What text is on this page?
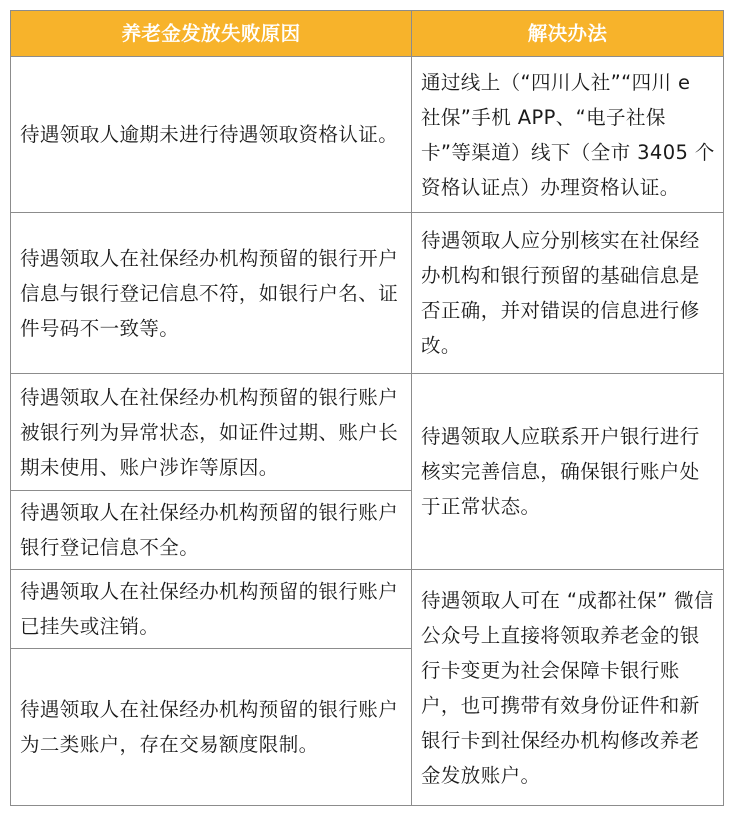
养老金发放失败原因	解决办法
待遇领取人逾期未进行待遇领取资格认证。	通过线上（“四川人社”“四川 e 社保”手机 APP、“电子社保卡”等渠道）线下（全市 3405 个资格认证点）办理资格认证。
待遇领取人在社保经办机构预留的银行开户信息与银行登记信息不符，如银行户名、证件号码不一致等。	待遇领取人应分别核实在社保经办机构和银行预留的基础信息是否正确，并对错误的信息进行修改。
待遇领取人在社保经办机构预留的银行账户被银行列为异常状态，如证件过期、账户长期未使用、账户涉诈等原因。	待遇领取人应联系开户银行进行核实完善信息，确保银行账户处于正常状态。
待遇领取人在社保经办机构预留的银行账户银行登记信息不全。	
待遇领取人在社保经办机构预留的银行账户已挂失或注销。	待遇领取人可在 “成都社保” 微信公众号上直接将领取养老金的银行卡变更为社会保障卡银行账户，也可携带有效身份证件和新银行卡到社保经办机构修改养老金发放账户。
待遇领取人在社保经办机构预留的银行账户为二类账户，存在交易额度限制。	
